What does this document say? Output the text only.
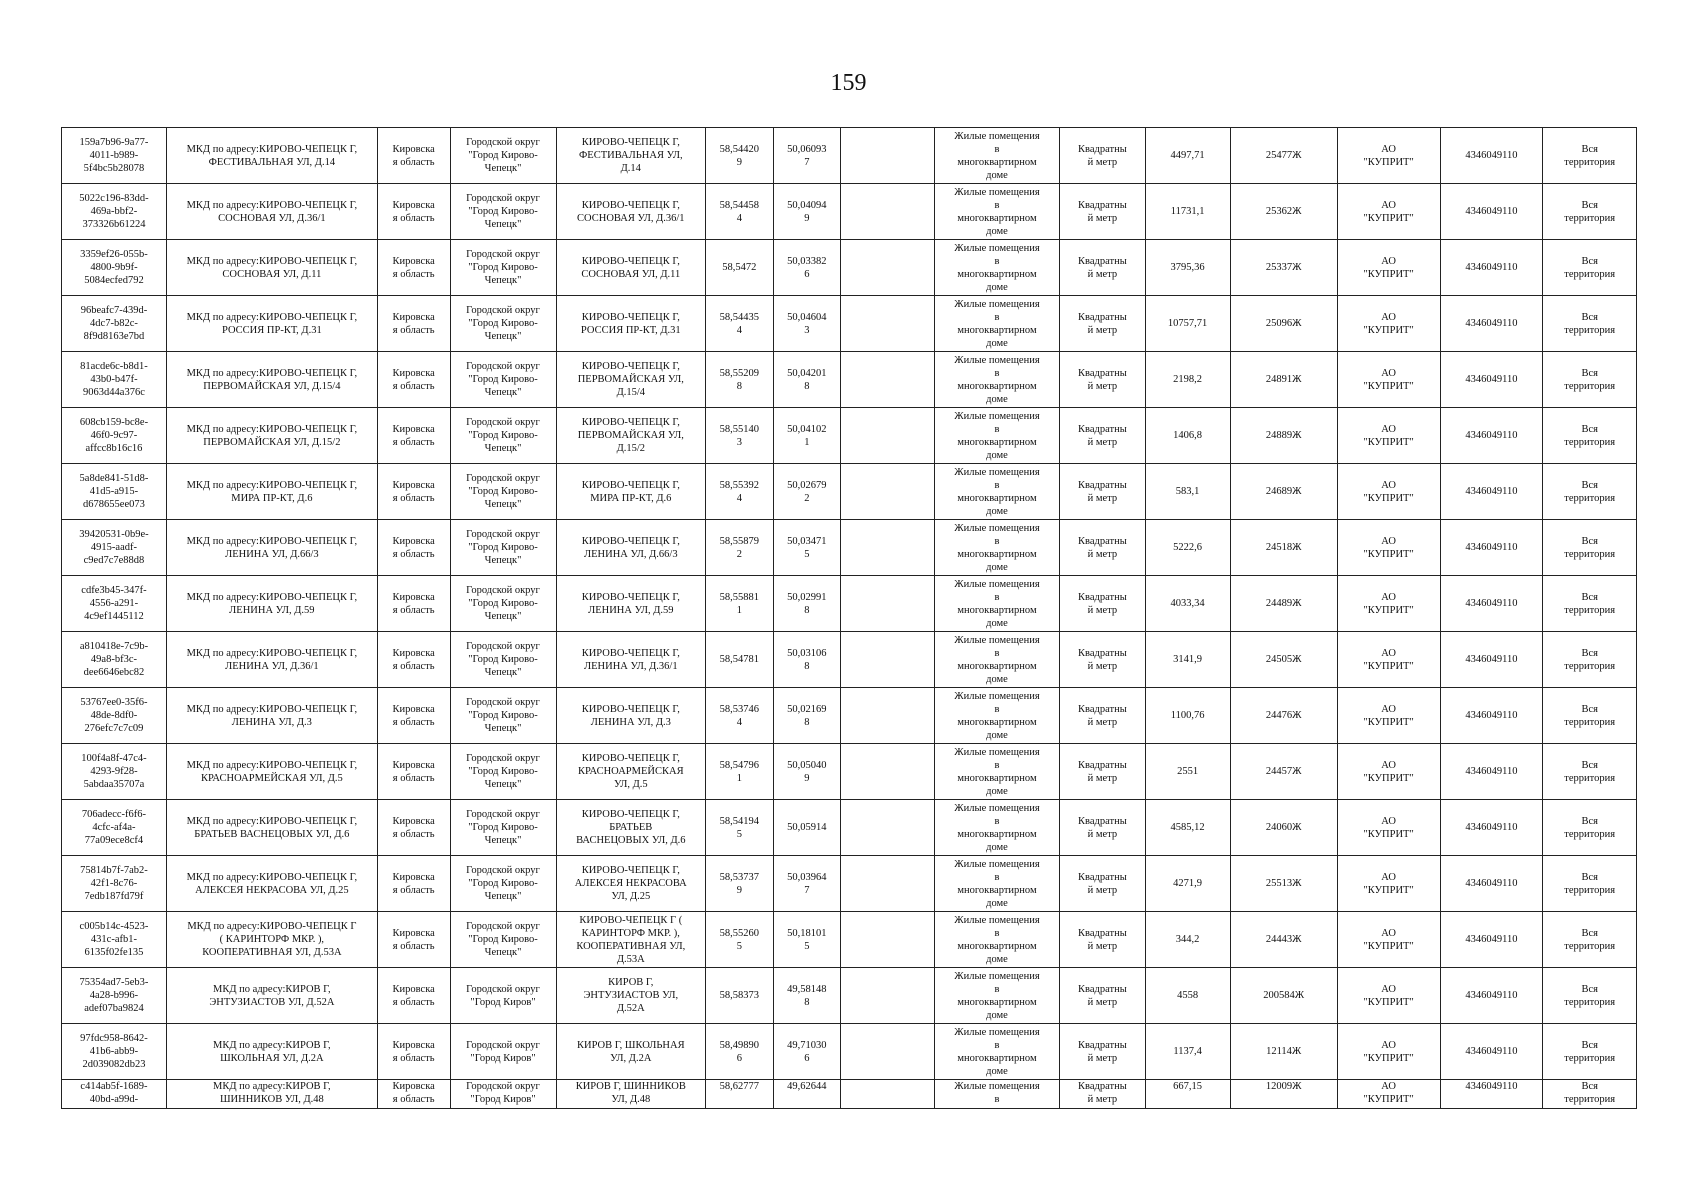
159
159a7b96-9a77-
4011-b989-
5f4bc5b28078	МКД по адресу:КИРОВО-ЧЕПЕЦК Г,
ФЕСТИВАЛЬНАЯ УЛ, Д.14	Кировска
я область	Городской округ
"Город Кирово-
Чепецк"	КИРОВО-ЧЕПЕЦК Г,
ФЕСТИВАЛЬНАЯ УЛ,
Д.14	58,54420
9	50,06093
7		Жилые помещения
в
многоквартирном
доме	Квадратны
й метр	4497,71	25477Ж	АО
"КУПРИТ"	4346049110	Вся
территория
5022c196-83dd-
469a-bbf2-
373326b61224	МКД по адресу:КИРОВО-ЧЕПЕЦК Г,
СОСНОВАЯ УЛ, Д.36/1	Кировска
я область	Городской округ
"Город Кирово-
Чепецк"	КИРОВО-ЧЕПЕЦК Г,
СОСНОВАЯ УЛ, Д.36/1	58,54458
4	50,04094
9		Жилые помещения
в
многоквартирном
доме	Квадратны
й метр	11731,1	25362Ж	АО
"КУПРИТ"	4346049110	Вся
территория
3359ef26-055b-
4800-9b9f-
5084ecfed792	МКД по адресу:КИРОВО-ЧЕПЕЦК Г,
СОСНОВАЯ УЛ, Д.11	Кировска
я область	Городской округ
"Город Кирово-
Чепецк"	КИРОВО-ЧЕПЕЦК Г,
СОСНОВАЯ УЛ, Д.11	58,5472	50,03382
6		Жилые помещения
в
многоквартирном
доме	Квадратны
й метр	3795,36	25337Ж	АО
"КУПРИТ"	4346049110	Вся
территория
96beafc7-439d-
4dc7-b82c-
8f9d8163e7bd	МКД по адресу:КИРОВО-ЧЕПЕЦК Г,
РОССИЯ ПР-КТ, Д.31	Кировска
я область	Городской округ
"Город Кирово-
Чепецк"	КИРОВО-ЧЕПЕЦК Г,
РОССИЯ ПР-КТ, Д.31	58,54435
4	50,04604
3		Жилые помещения
в
многоквартирном
доме	Квадратны
й метр	10757,71	25096Ж	АО
"КУПРИТ"	4346049110	Вся
территория
81acde6c-b8d1-
43b0-b47f-
9063d44a376c	МКД по адресу:КИРОВО-ЧЕПЕЦК Г,
ПЕРВОМАЙСКАЯ УЛ, Д.15/4	Кировска
я область	Городской округ
"Город Кирово-
Чепецк"	КИРОВО-ЧЕПЕЦК Г,
ПЕРВОМАЙСКАЯ УЛ,
Д.15/4	58,55209
8	50,04201
8		Жилые помещения
в
многоквартирном
доме	Квадратны
й метр	2198,2	24891Ж	АО
"КУПРИТ"	4346049110	Вся
территория
608cb159-bc8e-
46f0-9c97-
affcc8b16c16	МКД по адресу:КИРОВО-ЧЕПЕЦК Г,
ПЕРВОМАЙСКАЯ УЛ, Д.15/2	Кировска
я область	Городской округ
"Город Кирово-
Чепецк"	КИРОВО-ЧЕПЕЦК Г,
ПЕРВОМАЙСКАЯ УЛ,
Д.15/2	58,55140
3	50,04102
1		Жилые помещения
в
многоквартирном
доме	Квадратны
й метр	1406,8	24889Ж	АО
"КУПРИТ"	4346049110	Вся
территория
5a8de841-51d8-
41d5-a915-
d678655ee073	МКД по адресу:КИРОВО-ЧЕПЕЦК Г,
МИРА ПР-КТ, Д.6	Кировска
я область	Городской округ
"Город Кирово-
Чепецк"	КИРОВО-ЧЕПЕЦК Г,
МИРА ПР-КТ, Д.6	58,55392
4	50,02679
2		Жилые помещения
в
многоквартирном
доме	Квадратны
й метр	583,1	24689Ж	АО
"КУПРИТ"	4346049110	Вся
территория
39420531-0b9e-
4915-aadf-
c9ed7c7e88d8	МКД по адресу:КИРОВО-ЧЕПЕЦК Г,
ЛЕНИНА УЛ, Д.66/3	Кировска
я область	Городской округ
"Город Кирово-
Чепецк"	КИРОВО-ЧЕПЕЦК Г,
ЛЕНИНА УЛ, Д.66/3	58,55879
2	50,03471
5		Жилые помещения
в
многоквартирном
доме	Квадратны
й метр	5222,6	24518Ж	АО
"КУПРИТ"	4346049110	Вся
территория
cdfe3b45-347f-
4556-a291-
4c9ef1445112	МКД по адресу:КИРОВО-ЧЕПЕЦК Г,
ЛЕНИНА УЛ, Д.59	Кировска
я область	Городской округ
"Город Кирово-
Чепецк"	КИРОВО-ЧЕПЕЦК Г,
ЛЕНИНА УЛ, Д.59	58,55881
1	50,02991
8		Жилые помещения
в
многоквартирном
доме	Квадратны
й метр	4033,34	24489Ж	АО
"КУПРИТ"	4346049110	Вся
территория
a810418e-7c9b-
49a8-bf3c-
dee6646ebc82	МКД по адресу:КИРОВО-ЧЕПЕЦК Г,
ЛЕНИНА УЛ, Д.36/1	Кировска
я область	Городской округ
"Город Кирово-
Чепецк"	КИРОВО-ЧЕПЕЦК Г,
ЛЕНИНА УЛ, Д.36/1	58,54781	50,03106
8		Жилые помещения
в
многоквартирном
доме	Квадратны
й метр	3141,9	24505Ж	АО
"КУПРИТ"	4346049110	Вся
территория
53767ee0-35f6-
48de-8df0-
276efc7c7c09	МКД по адресу:КИРОВО-ЧЕПЕЦК Г,
ЛЕНИНА УЛ, Д.3	Кировска
я область	Городской округ
"Город Кирово-
Чепецк"	КИРОВО-ЧЕПЕЦК Г,
ЛЕНИНА УЛ, Д.3	58,53746
4	50,02169
8		Жилые помещения
в
многоквартирном
доме	Квадратны
й метр	1100,76	24476Ж	АО
"КУПРИТ"	4346049110	Вся
территория
100f4a8f-47c4-
4293-9f28-
5abdaa35707a	МКД по адресу:КИРОВО-ЧЕПЕЦК Г,
КРАСНОАРМЕЙСКАЯ УЛ, Д.5	Кировска
я область	Городской округ
"Город Кирово-
Чепецк"	КИРОВО-ЧЕПЕЦК Г,
КРАСНОАРМЕЙСКАЯ
УЛ, Д.5	58,54796
1	50,05040
9		Жилые помещения
в
многоквартирном
доме	Квадратны
й метр	2551	24457Ж	АО
"КУПРИТ"	4346049110	Вся
территория
706adecc-f6f6-
4cfc-af4a-
77a09ece8cf4	МКД по адресу:КИРОВО-ЧЕПЕЦК Г,
БРАТЬЕВ ВАСНЕЦОВЫХ УЛ, Д.6	Кировска
я область	Городской округ
"Город Кирово-
Чепецк"	КИРОВО-ЧЕПЕЦК Г,
БРАТЬЕВ
ВАСНЕЦОВЫХ УЛ, Д.6	58,54194
5	50,05914		Жилые помещения
в
многоквартирном
доме	Квадратны
й метр	4585,12	24060Ж	АО
"КУПРИТ"	4346049110	Вся
территория
75814b7f-7ab2-
42f1-8c76-
7edb187fd79f	МКД по адресу:КИРОВО-ЧЕПЕЦК Г,
АЛЕКСЕЯ НЕКРАСОВА УЛ, Д.25	Кировска
я область	Городской округ
"Город Кирово-
Чепецк"	КИРОВО-ЧЕПЕЦК Г,
АЛЕКСЕЯ НЕКРАСОВА
УЛ, Д.25	58,53737
9	50,03964
7		Жилые помещения
в
многоквартирном
доме	Квадратны
й метр	4271,9	25513Ж	АО
"КУПРИТ"	4346049110	Вся
территория
c005b14c-4523-
431c-afb1-
6135f02fe135	МКД по адресу:КИРОВО-ЧЕПЕЦК Г
( КАРИНТОРФ МКР. ),
КООПЕРАТИВНАЯ УЛ, Д.53А	Кировска
я область	Городской округ
"Город Кирово-
Чепецк"	КИРОВО-ЧЕПЕЦК Г (
КАРИНТОРФ МКР. ),
КООПЕРАТИВНАЯ УЛ,
Д.53А	58,55260
5	50,18101
5		Жилые помещения
в
многоквартирном
доме	Квадратны
й метр	344,2	24443Ж	АО
"КУПРИТ"	4346049110	Вся
территория
75354ad7-5eb3-
4a28-b996-
adef07ba9824	МКД по адресу:КИРОВ Г,
ЭНТУЗИАСТОВ УЛ, Д.52А	Кировска
я область	Городской округ
"Город Киров"	КИРОВ Г,
ЭНТУЗИАСТОВ УЛ,
Д.52А	58,58373	49,58148
8		Жилые помещения
в
многоквартирном
доме	Квадратны
й метр	4558	200584Ж	АО
"КУПРИТ"	4346049110	Вся
территория
97fdc958-8642-
41b6-abb9-
2d039082db23	МКД по адресу:КИРОВ Г,
ШКОЛЬНАЯ УЛ, Д.2А	Кировска
я область	Городской округ
"Город Киров"	КИРОВ Г, ШКОЛЬНАЯ
УЛ, Д.2А	58,49890
6	49,71030
6		Жилые помещения
в
многоквартирном
доме	Квадратны
й метр	1137,4	12114Ж	АО
"КУПРИТ"	4346049110	Вся
территория
c414ab5f-1689-
40bd-a99d-	МКД по адресу:КИРОВ Г,
ШИННИКОВ УЛ, Д.48	Кировска
я область	Городской округ
"Город Киров"	КИРОВ Г, ШИННИКОВ
УЛ, Д.48	58,62777	49,62644		Жилые помещения
в	Квадратны
й метр	667,15	12009Ж	АО
"КУПРИТ"	4346049110	Вся
территория
